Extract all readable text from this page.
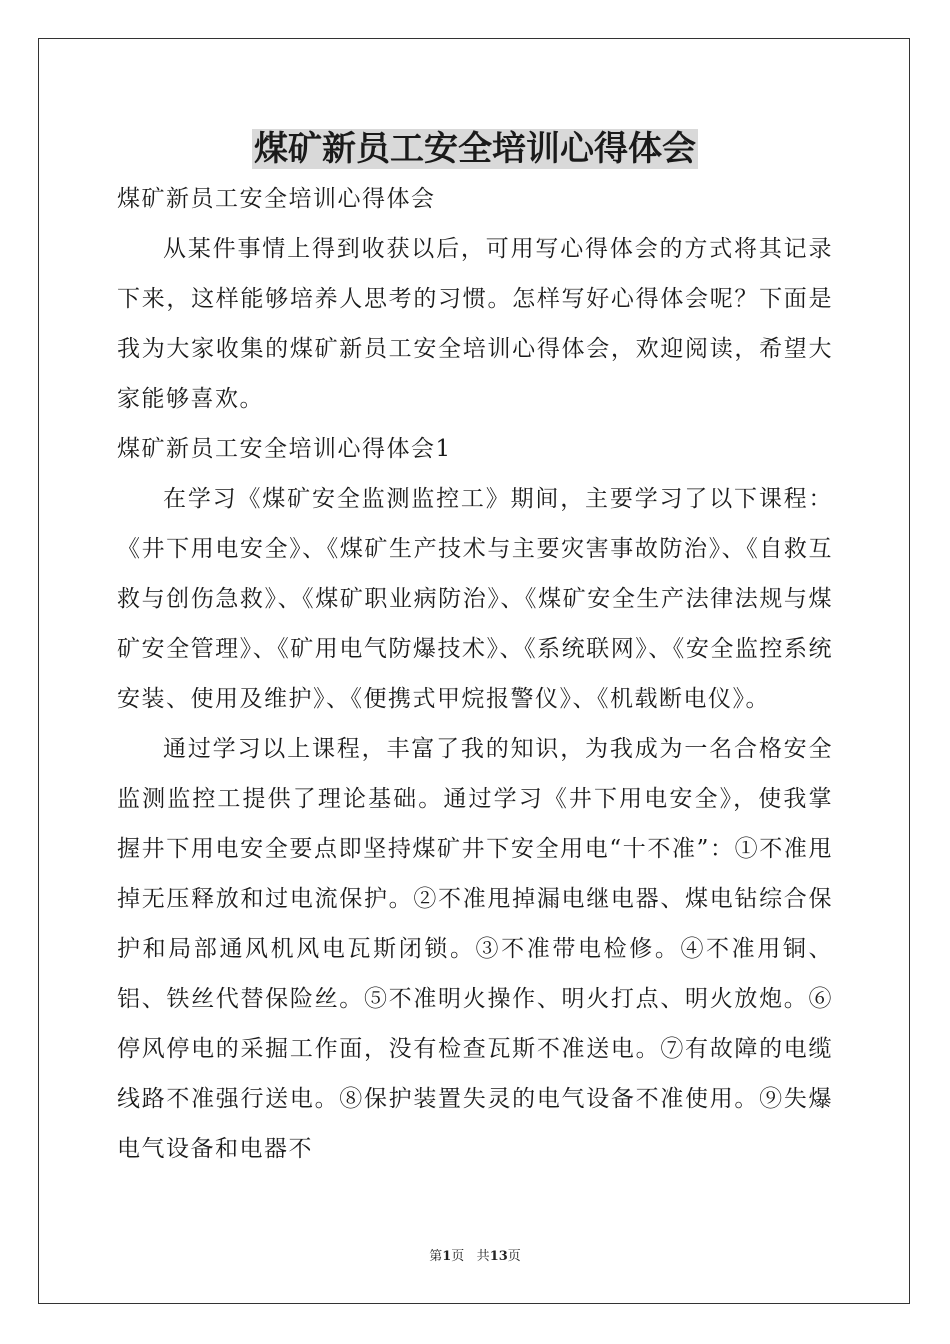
煤矿新员工安全培训心得体会

煤矿新员工安全培训心得体会

从某件事情上得到收获以后，可用写心得体会的方式将其记录下来，这样能够培养人思考的习惯。怎样写好心得体会呢？下面是我为大家收集的煤矿新员工安全培训心得体会，欢迎阅读，希望大家能够喜欢。

煤矿新员工安全培训心得体会1

在学习《煤矿安全监测监控工》期间，主要学习了以下课程：《井下用电安全》、《煤矿生产技术与主要灾害事故防治》、《自救互救与创伤急救》、《煤矿职业病防治》、《煤矿安全生产法律法规与煤矿安全管理》、《矿用电气防爆技术》、《系统联网》、《安全监控系统安装、使用及维护》、《便携式甲烷报警仪》、《机载断电仪》。

通过学习以上课程，丰富了我的知识，为我成为一名合格安全监测监控工提供了理论基础。通过学习《井下用电安全》，使我掌握井下用电安全要点即坚持煤矿井下安全用电“十不准”：①不准甩掉无压释放和过电流保护。②不准甩掉漏电继电器、煤电钻综合保护和局部通风机风电瓦斯闭锁。③不准带电检修。④不准用铜、铝、铁丝代替保险丝。⑤不准明火操作、明火打点、明火放炮。⑥停风停电的采掘工作面，没有检查瓦斯不准送电。⑦有故障的电缆线路不准强行送电。⑧保护装置失灵的电气设备不准使用。⑨失爆电气设备和电器不

第1页 共13页
